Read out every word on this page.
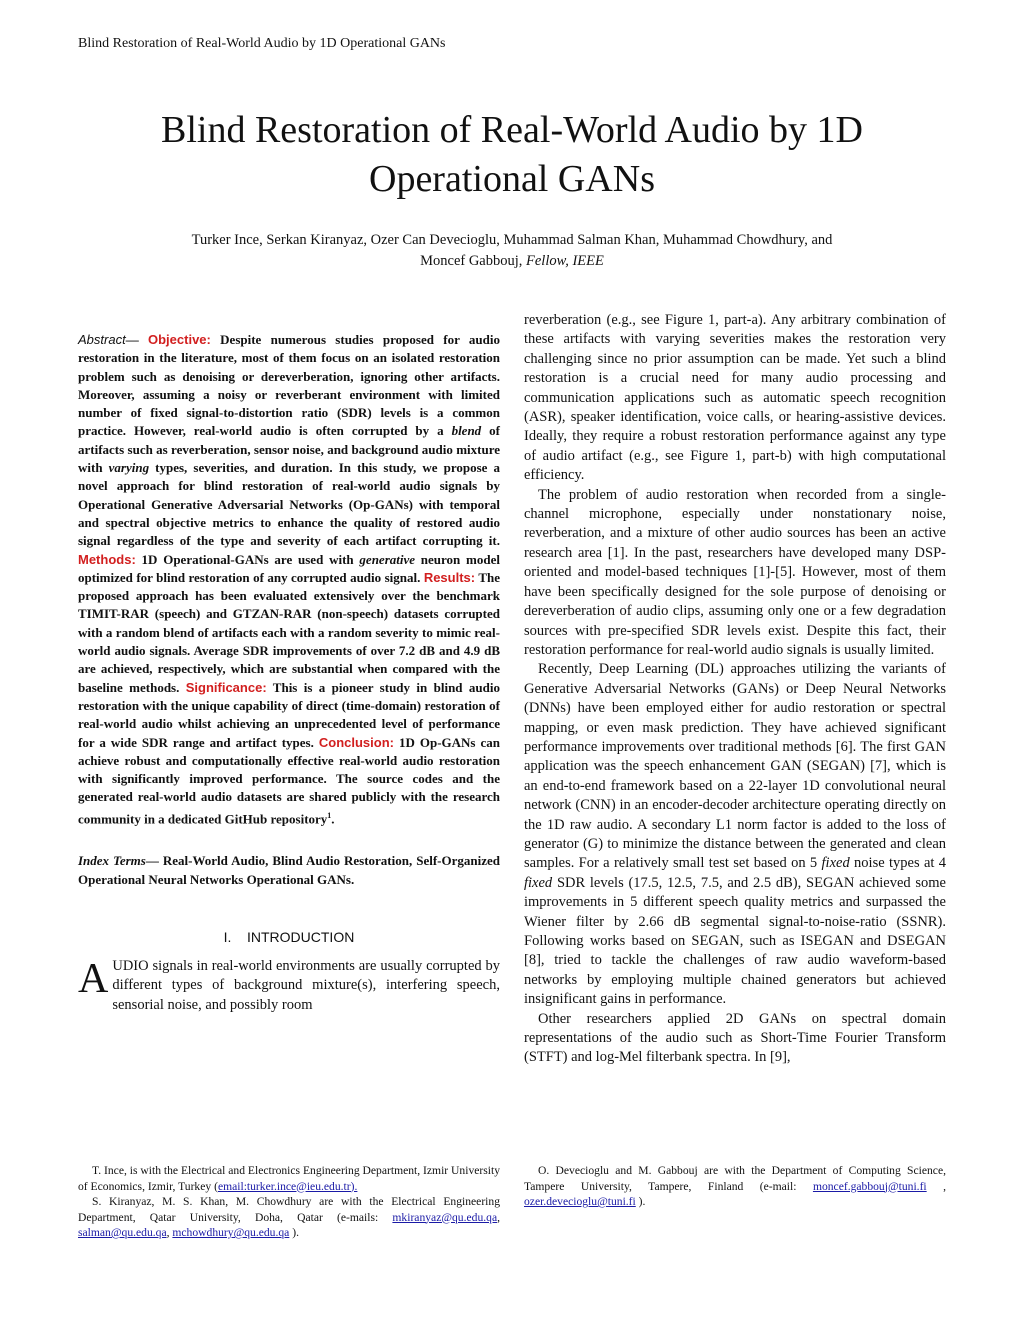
Blind Restoration of Real-World Audio by 1D Operational GANs
Blind Restoration of Real-World Audio by 1D
Operational GANs
Turker Ince, Serkan Kiranyaz, Ozer Can Devecioglu, Muhammad Salman Khan, Muhammad Chowdhury, and
Moncef Gabbouj, Fellow, IEEE

Abstract— Objective: Despite numerous studies proposed for audio restoration in the literature, most of them focus on an isolated restoration problem such as denoising or dereverberation, ignoring other artifacts. Moreover, assuming a noisy or reverberant environment with limited number of fixed signal-to-distortion ratio (SDR) levels is a common practice. However, real-world audio is often corrupted by a blend of artifacts such as reverberation, sensor noise, and background audio mixture with varying types, severities, and duration. In this study, we propose a novel approach for blind restoration of real-world audio signals by Operational Generative Adversarial Networks (Op-GANs) with temporal and spectral objective metrics to enhance the quality of restored audio signal regardless of the type and severity of each artifact corrupting it. Methods: 1D Operational-GANs are used with generative neuron model optimized for blind restoration of any corrupted audio signal. Results: The proposed approach has been evaluated extensively over the benchmark TIMIT-RAR (speech) and GTZAN-RAR (non-speech) datasets corrupted with a random blend of artifacts each with a random severity to mimic real-world audio signals. Average SDR improvements of over 7.2 dB and 4.9 dB are achieved, respectively, which are substantial when compared with the baseline methods. Significance: This is a pioneer study in blind audio restoration with the unique capability of direct (time-domain) restoration of real-world audio whilst achieving an unprecedented level of performance for a wide SDR range and artifact types. Conclusion: 1D Op-GANs can achieve robust and computationally effective real-world audio restoration with significantly improved performance. The source codes and the generated real-world audio datasets are shared publicly with the research community in a dedicated GitHub repository$^1$.

Index Terms— Real-World Audio, Blind Audio Restoration, Self-Organized Operational Neural Networks Operational GANs.

I. INTRODUCTION

AUDIO signals in real-world environments are usually corrupted by different types of background mixture(s), interfering speech, sensorial noise, and possibly room

reverberation (e.g., see Figure 1, part-a). Any arbitrary combination of these artifacts with varying severities makes the restoration very challenging since no prior assumption can be made. Yet such a blind restoration is a crucial need for many audio processing and communication applications such as automatic speech recognition (ASR), speaker identification, voice calls, or hearing-assistive devices. Ideally, they require a robust restoration performance against any type of audio artifact (e.g., see Figure 1, part-b) with high computational efficiency.

The problem of audio restoration when recorded from a single-channel microphone, especially under nonstationary noise, reverberation, and a mixture of other audio sources has been an active research area [1]. In the past, researchers have developed many DSP-oriented and model-based techniques [1]-[5]. However, most of them have been specifically designed for the sole purpose of denoising or dereverberation of audio clips, assuming only one or a few degradation sources with pre-specified SDR levels exist. Despite this fact, their restoration performance for real-world audio signals is usually limited.

Recently, Deep Learning (DL) approaches utilizing the variants of Generative Adversarial Networks (GANs) or Deep Neural Networks (DNNs) have been employed either for audio restoration or spectral mapping, or even mask prediction. They have achieved significant performance improvements over traditional methods [6]. The first GAN application was the speech enhancement GAN (SEGAN) [7], which is an end-to-end framework based on a 22-layer 1D convolutional neural network (CNN) in an encoder-decoder architecture operating directly on the 1D raw audio. A secondary L1 norm factor is added to the loss of generator (G) to minimize the distance between the generated and clean samples. For a relatively small test set based on 5 fixed noise types at 4 fixed SDR levels (17.5, 12.5, 7.5, and 2.5 dB), SEGAN achieved some improvements in 5 different speech quality metrics and surpassed the Wiener filter by 2.66 dB segmental signal-to-noise-ratio (SSNR). Following works based on SEGAN, such as ISEGAN and DSEGAN [8], tried to tackle the challenges of raw audio waveform-based networks by employing multiple chained generators but achieved insignificant gains in performance.

Other researchers applied 2D GANs on spectral domain representations of the audio such as Short-Time Fourier Transform (STFT) and log-Mel filterbank spectra. In [9],

T. Ince, is with the Electrical and Electronics Engineering Department, Izmir University of Economics, Izmir, Turkey (email:turker.ince@ieu.edu.tr).

S. Kiranyaz, M. S. Khan, M. Chowdhury are with the Electrical Engineering Department, Qatar University, Doha, Qatar (e-mails: mkiranyaz@qu.edu.qa, salman@qu.edu.qa, mchowdhury@qu.edu.qa ).

O. Devecioglu and M. Gabbouj are with the Department of Computing Science, Tampere University, Tampere, Finland (e-mail: moncef.gabbouj@tuni.fi , ozer.devecioglu@tuni.fi ).
